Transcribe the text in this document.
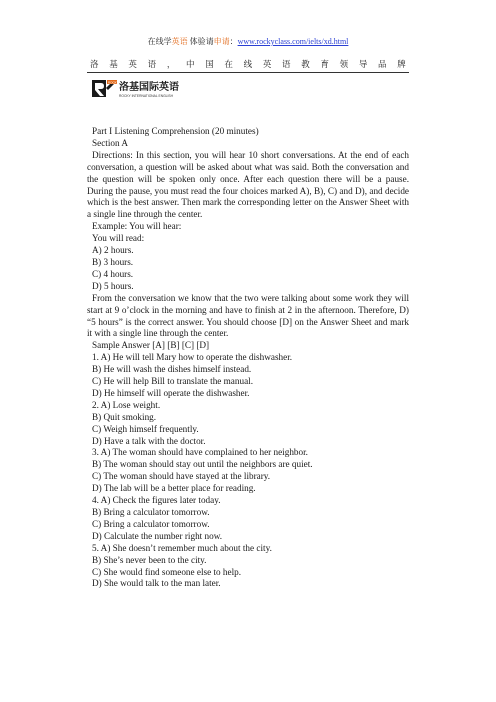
在线学英语 体验请申请：www.rockyclass.com/ielts/xd.html
洛 基 英 语 ， 中 国 在 线 英 语 教 育 领 导 品 牌
ROCKY 洛基国际英语
ROCKY INTERNATIONAL ENGLISH

Part I Listening Comprehension (20 minutes)

Section A

Directions: In this section, you will hear 10 short conversations. At the end of each conversation, a question will be asked about what was said. Both the conversation and the question will be spoken only once. After each question there will be a pause. During the pause, you must read the four choices marked A), B), C) and D), and decide which is the best answer. Then mark the corresponding letter on the Answer Sheet with a single line through the center.

Example: You will hear:

You will read:

A) 2 hours.

B) 3 hours.

C) 4 hours.

D) 5 hours.

From the conversation we know that the two were talking about some work they will start at 9 o’clock in the morning and have to finish at 2 in the afternoon. Therefore, D) “5 hours” is the correct answer. You should choose [D] on the Answer Sheet and mark it with a single line through the center.

Sample Answer [A] [B] [C] [D]

1. A) He will tell Mary how to operate the dishwasher.

B) He will wash the dishes himself instead.

C) He will help Bill to translate the manual.

D) He himself will operate the dishwasher.

2. A) Lose weight.

B) Quit smoking.

C) Weigh himself frequently.

D) Have a talk with the doctor.

3. A) The woman should have complained to her neighbor.

B) The woman should stay out until the neighbors are quiet.

C) The woman should have stayed at the library.

D) The lab will be a better place for reading.

4. A) Check the figures later today.

B) Bring a calculator tomorrow.

C) Bring a calculator tomorrow.

D) Calculate the number right now.

5. A) She doesn’t remember much about the city.

B) She’s never been to the city.

C) She would find someone else to help.

D) She would talk to the man later.
